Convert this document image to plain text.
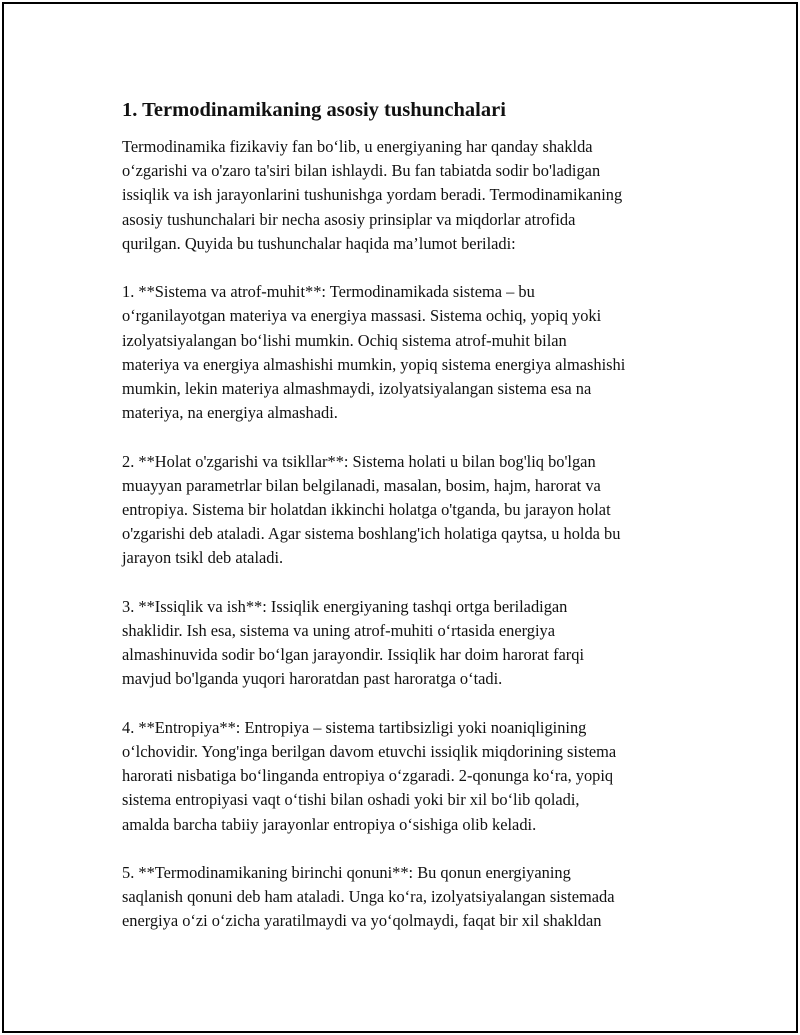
1. Termodinamikaning asosiy tushunchalari

Termodinamika fizikaviy fan bo‘lib, u energiyaning har qanday shaklda
o‘zgarishi va o'zaro ta'siri bilan ishlaydi. Bu fan tabiatda sodir bo'ladigan
issiqlik va ish jarayonlarini tushunishga yordam beradi. Termodinamikaning
asosiy tushunchalari bir necha asosiy prinsiplar va miqdorlar atrofida
qurilgan. Quyida bu tushunchalar haqida ma’lumot beriladi:

1. **Sistema va atrof-muhit**: Termodinamikada sistema – bu
o‘rganilayotgan materiya va energiya massasi. Sistema ochiq, yopiq yoki
izolyatsiyalangan bo‘lishi mumkin. Ochiq sistema atrof-muhit bilan
materiya va energiya almashishi mumkin, yopiq sistema energiya almashishi
mumkin, lekin materiya almashmaydi, izolyatsiyalangan sistema esa na
materiya, na energiya almashadi.

2. **Holat o'zgarishi va tsikllar**: Sistema holati u bilan bog'liq bo'lgan
muayyan parametrlar bilan belgilanadi, masalan, bosim, hajm, harorat va
entropiya. Sistema bir holatdan ikkinchi holatga o'tganda, bu jarayon holat
o'zgarishi deb ataladi. Agar sistema boshlang'ich holatiga qaytsa, u holda bu
jarayon tsikl deb ataladi.

3. **Issiqlik va ish**: Issiqlik energiyaning tashqi ortga beriladigan
shaklidir. Ish esa, sistema va uning atrof-muhiti o‘rtasida energiya
almashinuvida sodir bo‘lgan jarayondir. Issiqlik har doim harorat farqi
mavjud bo'lganda yuqori haroratdan past haroratga o‘tadi.

4. **Entropiya**: Entropiya – sistema tartibsizligi yoki noaniqligining
o‘lchovidir. Yong'inga berilgan davom etuvchi issiqlik miqdorining sistema
harorati nisbatiga bo‘linganda entropiya o‘zgaradi. 2-qonunga ko‘ra, yopiq
sistema entropiyasi vaqt o‘tishi bilan oshadi yoki bir xil bo‘lib qoladi,
amalda barcha tabiiy jarayonlar entropiya o‘sishiga olib keladi.

5. **Termodinamikaning birinchi qonuni**: Bu qonun energiyaning
saqlanish qonuni deb ham ataladi. Unga ko‘ra, izolyatsiyalangan sistemada
energiya o‘zi o‘zicha yaratilmaydi va yo‘qolmaydi, faqat bir xil shakldan
